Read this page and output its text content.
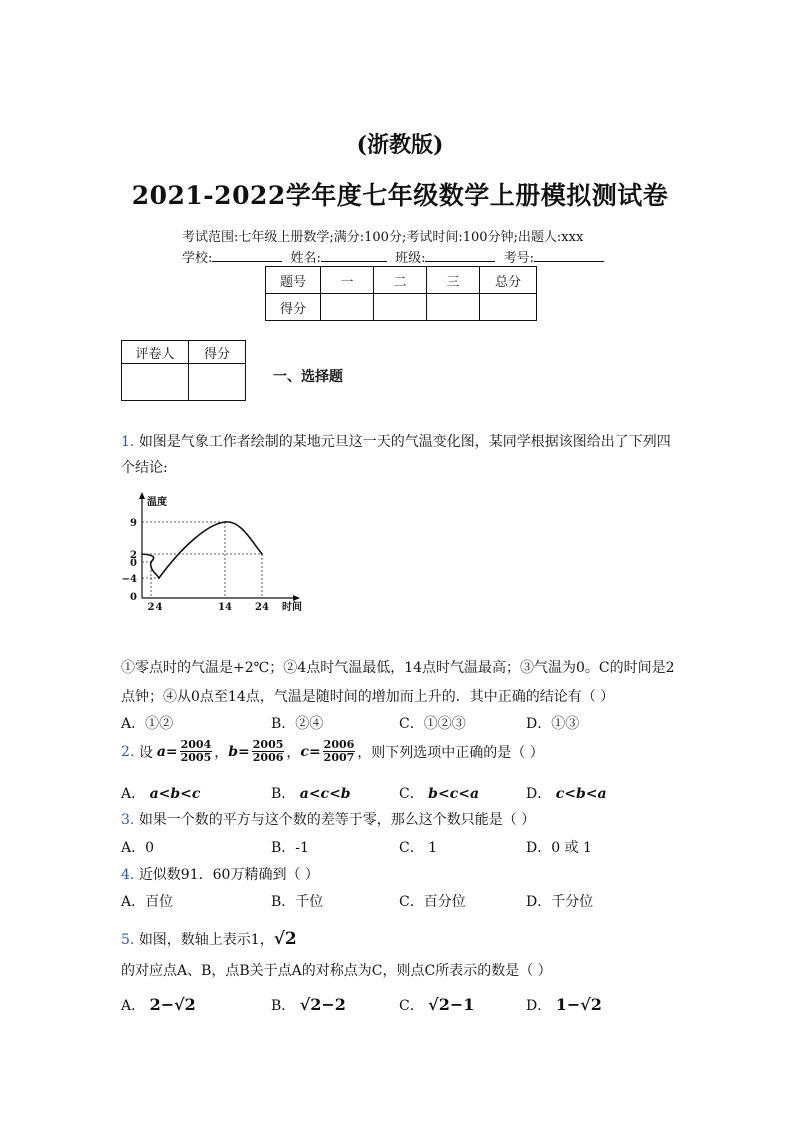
(浙教版)
2021-2022学年度七年级数学上册模拟测试卷
考试范围:七年级上册数学;满分:100分;考试时间:100分钟;出题人:xxx
学校:	姓名:	班级:	考号:
题号	一	二	三	总分
得分				
评卷人	得分

一、选择题
1. 如图是气象工作者绘制的某地元旦这一天的气温变化图，某同学根据该图给出了下列四
个结论:
温度
时间
9
2
0
−4
0
2 4	14 24
①零点时的气温是+2℃；②4点时气温最低，14点时气温最高；③气温为0。C的时间是2
点钟；④从0点至14点，气温是随时间的增加而上升的．其中正确的结论有（ ）
A．①②	B．②④	C．①②③	D．①③
2.
设 $a = \frac{2004}{2005}$ ， $b = \frac{2005}{2006}$ ， $c = \frac{2006}{2007}$ ，则下列选项中正确的是（ ）
A． a<b<c	B． a<c<b	C． b<c<a	D． c<b<a
3. 如果一个数的平方与这个数的差等于零，那么这个数只能是（ ）
A．0	B．-1	C． 1	D．0 或 1
4. 近似数91．60万精确到（ ）
A．百位	B．千位	C．百分位	D．千分位
5. 如图，数轴上表示1，√2
的对应点A、B，点B关于点A的对称点为C，则点C所表示的数是（ ）
A． 2−√2	B． √2−2	C． √2−1	D． 1−√2
